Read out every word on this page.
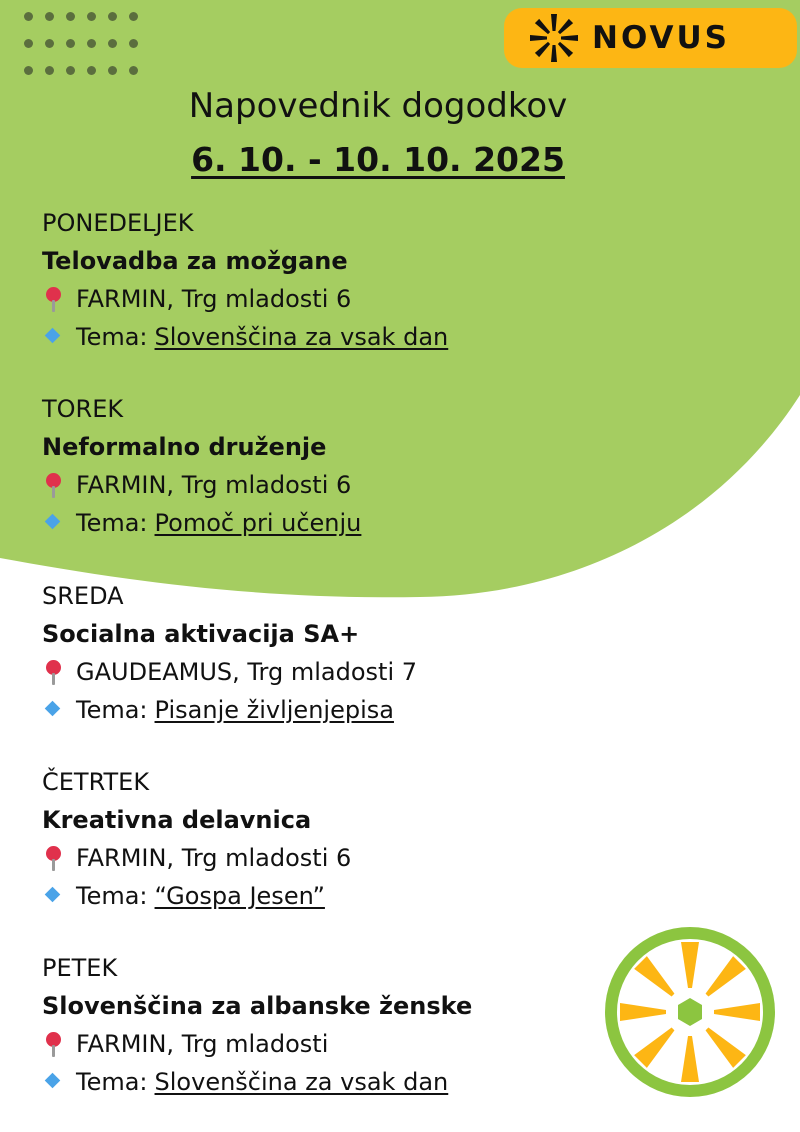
NOVUS
Napovednik dogodkov
6. 10. - 10. 10. 2025
PONEDELJEK
Telovadba za možgane
FARMIN, Trg mladosti 6
Tema: Slovenščina za vsak dan
TOREK
Neformalno druženje
FARMIN, Trg mladosti 6
Tema: Pomoč pri učenju
SREDA
Socialna aktivacija SA+
GAUDEAMUS, Trg mladosti 7
Tema: Pisanje življenjepisa
ČETRTEK
Kreativna delavnica
FARMIN, Trg mladosti 6
Tema: “Gospa Jesen”
PETEK
Slovenščina za albanske ženske
FARMIN, Trg mladosti
Tema: Slovenščina za vsak dan
